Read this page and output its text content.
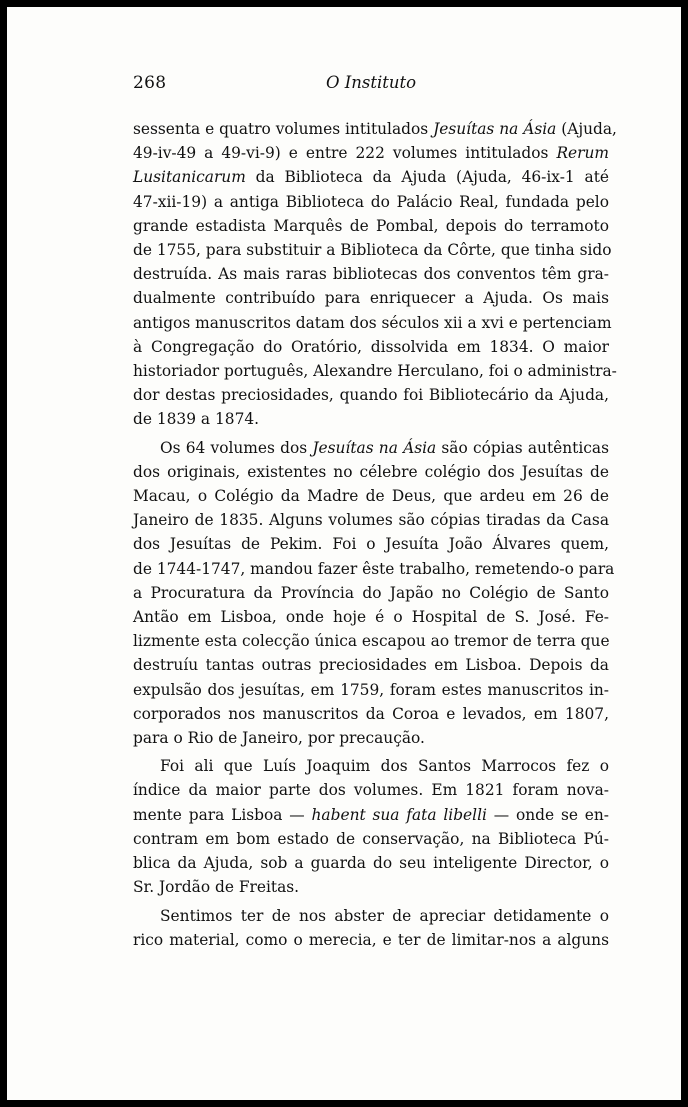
268	O Instituto
sessenta e quatro volumes intitulados Jesuítas na Ásia (Ajuda,
49-iv-49 a 49-vi-9) e entre 222 volumes intitulados Rerum
Lusitanicarum da Biblioteca da Ajuda (Ajuda, 46-ix-1 até
47-xii-19) a antiga Biblioteca do Palácio Real, fundada pelo
grande estadista Marquês de Pombal, depois do terramoto
de 1755, para substituir a Biblioteca da Côrte, que tinha sido
destruída. As mais raras bibliotecas dos conventos têm gra-
dualmente contribuído para enriquecer a Ajuda. Os mais
antigos manuscritos datam dos séculos xii a xvi e pertenciam
à Congregação do Oratório, dissolvida em 1834. O maior
historiador português, Alexandre Herculano, foi o administra-
dor destas preciosidades, quando foi Bibliotecário da Ajuda,
de 1839 a 1874.
Os 64 volumes dos Jesuítas na Ásia são cópias autênticas
dos originais, existentes no célebre colégio dos Jesuítas de
Macau, o Colégio da Madre de Deus, que ardeu em 26 de
Janeiro de 1835. Alguns volumes são cópias tiradas da Casa
dos Jesuítas de Pekim. Foi o Jesuíta João Álvares quem,
de 1744-1747, mandou fazer êste trabalho, remetendo-o para
a Procuratura da Província do Japão no Colégio de Santo
Antão em Lisboa, onde hoje é o Hospital de S. José. Fe-
lizmente esta colecção única escapou ao tremor de terra que
destruíu tantas outras preciosidades em Lisboa. Depois da
expulsão dos jesuítas, em 1759, foram estes manuscritos in-
corporados nos manuscritos da Coroa e levados, em 1807,
para o Rio de Janeiro, por precaução.
Foi ali que Luís Joaquim dos Santos Marrocos fez o
índice da maior parte dos volumes. Em 1821 foram nova-
mente para Lisboa — habent sua fata libelli — onde se en-
contram em bom estado de conservação, na Biblioteca Pú-
blica da Ajuda, sob a guarda do seu inteligente Director, o
Sr. Jordão de Freitas.
Sentimos ter de nos abster de apreciar detidamente o
rico material, como o merecia, e ter de limitar-nos a alguns
